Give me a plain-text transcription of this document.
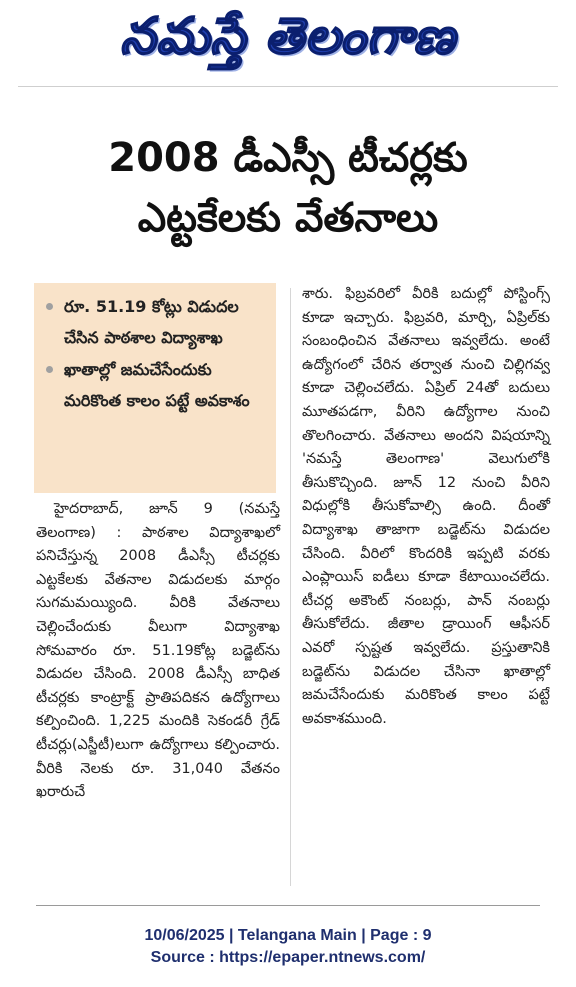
నమస్తే తెలంగాణ
2008 డీఎస్సీ టీచర్లకు
ఎట్టకేలకు వేతనాలు
రూ. 51.19 కోట్లు విడుదల చేసిన పాఠశాల విద్యాశాఖ
ఖాతాల్లో జమచేసేందుకు మరికొంత కాలం పట్టే అవకాశం
హైదరాబాద్, జూన్ 9 (నమస్తే తెలంగాణ) : పాఠశాల విద్యాశాఖలో పనిచేస్తున్న 2008 డీఎస్సీ టీచర్లకు ఎట్టకేలకు వేతనాల విడుదలకు మార్గం సుగమమయ్యింది. వీరికి వేతనాలు చెల్లించేందుకు వీలుగా విద్యాశాఖ సోమవారం రూ. 51.19కోట్ల బడ్జెట్‌ను విడుదల చేసింది. 2008 డీఎస్సీ బాధిత టీచర్లకు కాంట్రాక్ట్ ప్రాతిపదికన ఉద్యోగాలు కల్పించింది. 1,225 మందికి సెకండరీ గ్రేడ్ టీచర్లు(ఎస్జీటీ)లుగా ఉద్యోగాలు కల్పించారు. వీరికి నెలకు రూ. 31,040 వేతనం ఖరారుచే
శారు. ఫిబ్రవరిలో వీరికి బదుల్లో పోస్టింగ్స్ కూడా ఇచ్చారు. ఫిబ్రవరి, మార్చి, ఏప్రిల్‌కు సంబంధించిన వేతనాలు ఇవ్వలేదు. అంటే ఉద్యోగంలో చేరిన తర్వాత నుంచి చిల్లిగవ్వ కూడా చెల్లించలేదు. ఏప్రిల్ 24తో బదులు మూతపడగా, వీరిని ఉద్యోగాల నుంచి తొలగించారు. వేతనాలు అందని విషయాన్ని 'నమస్తే తెలంగాణ' వెలుగులోకి తీసుకొచ్చింది. జూన్ 12 నుంచి వీరిని విధుల్లోకి తీసుకోవాల్సి ఉంది. దీంతో విద్యాశాఖ తాజాగా బడ్జెట్‌ను విడుదల చేసింది. వీరిలో కొందరికి ఇప్పటి వరకు ఎంప్లాయిస్ ఐడీలు కూడా కేటాయించలేదు. టీచర్ల అకౌంట్ నంబర్లు, పాన్ నంబర్లు తీసుకోలేదు. జీతాల డ్రాయింగ్ ఆఫీసర్ ఎవరో స్పష్టత ఇవ్వలేదు. ప్రస్తుతానికి బడ్జెట్‌ను విడుదల చేసినా ఖాతాల్లో జమచేసేందుకు మరికొంత కాలం పట్టే అవకాశముంది.
10/06/2025 | Telangana Main | Page : 9
Source : https://epaper.ntnews.com/
